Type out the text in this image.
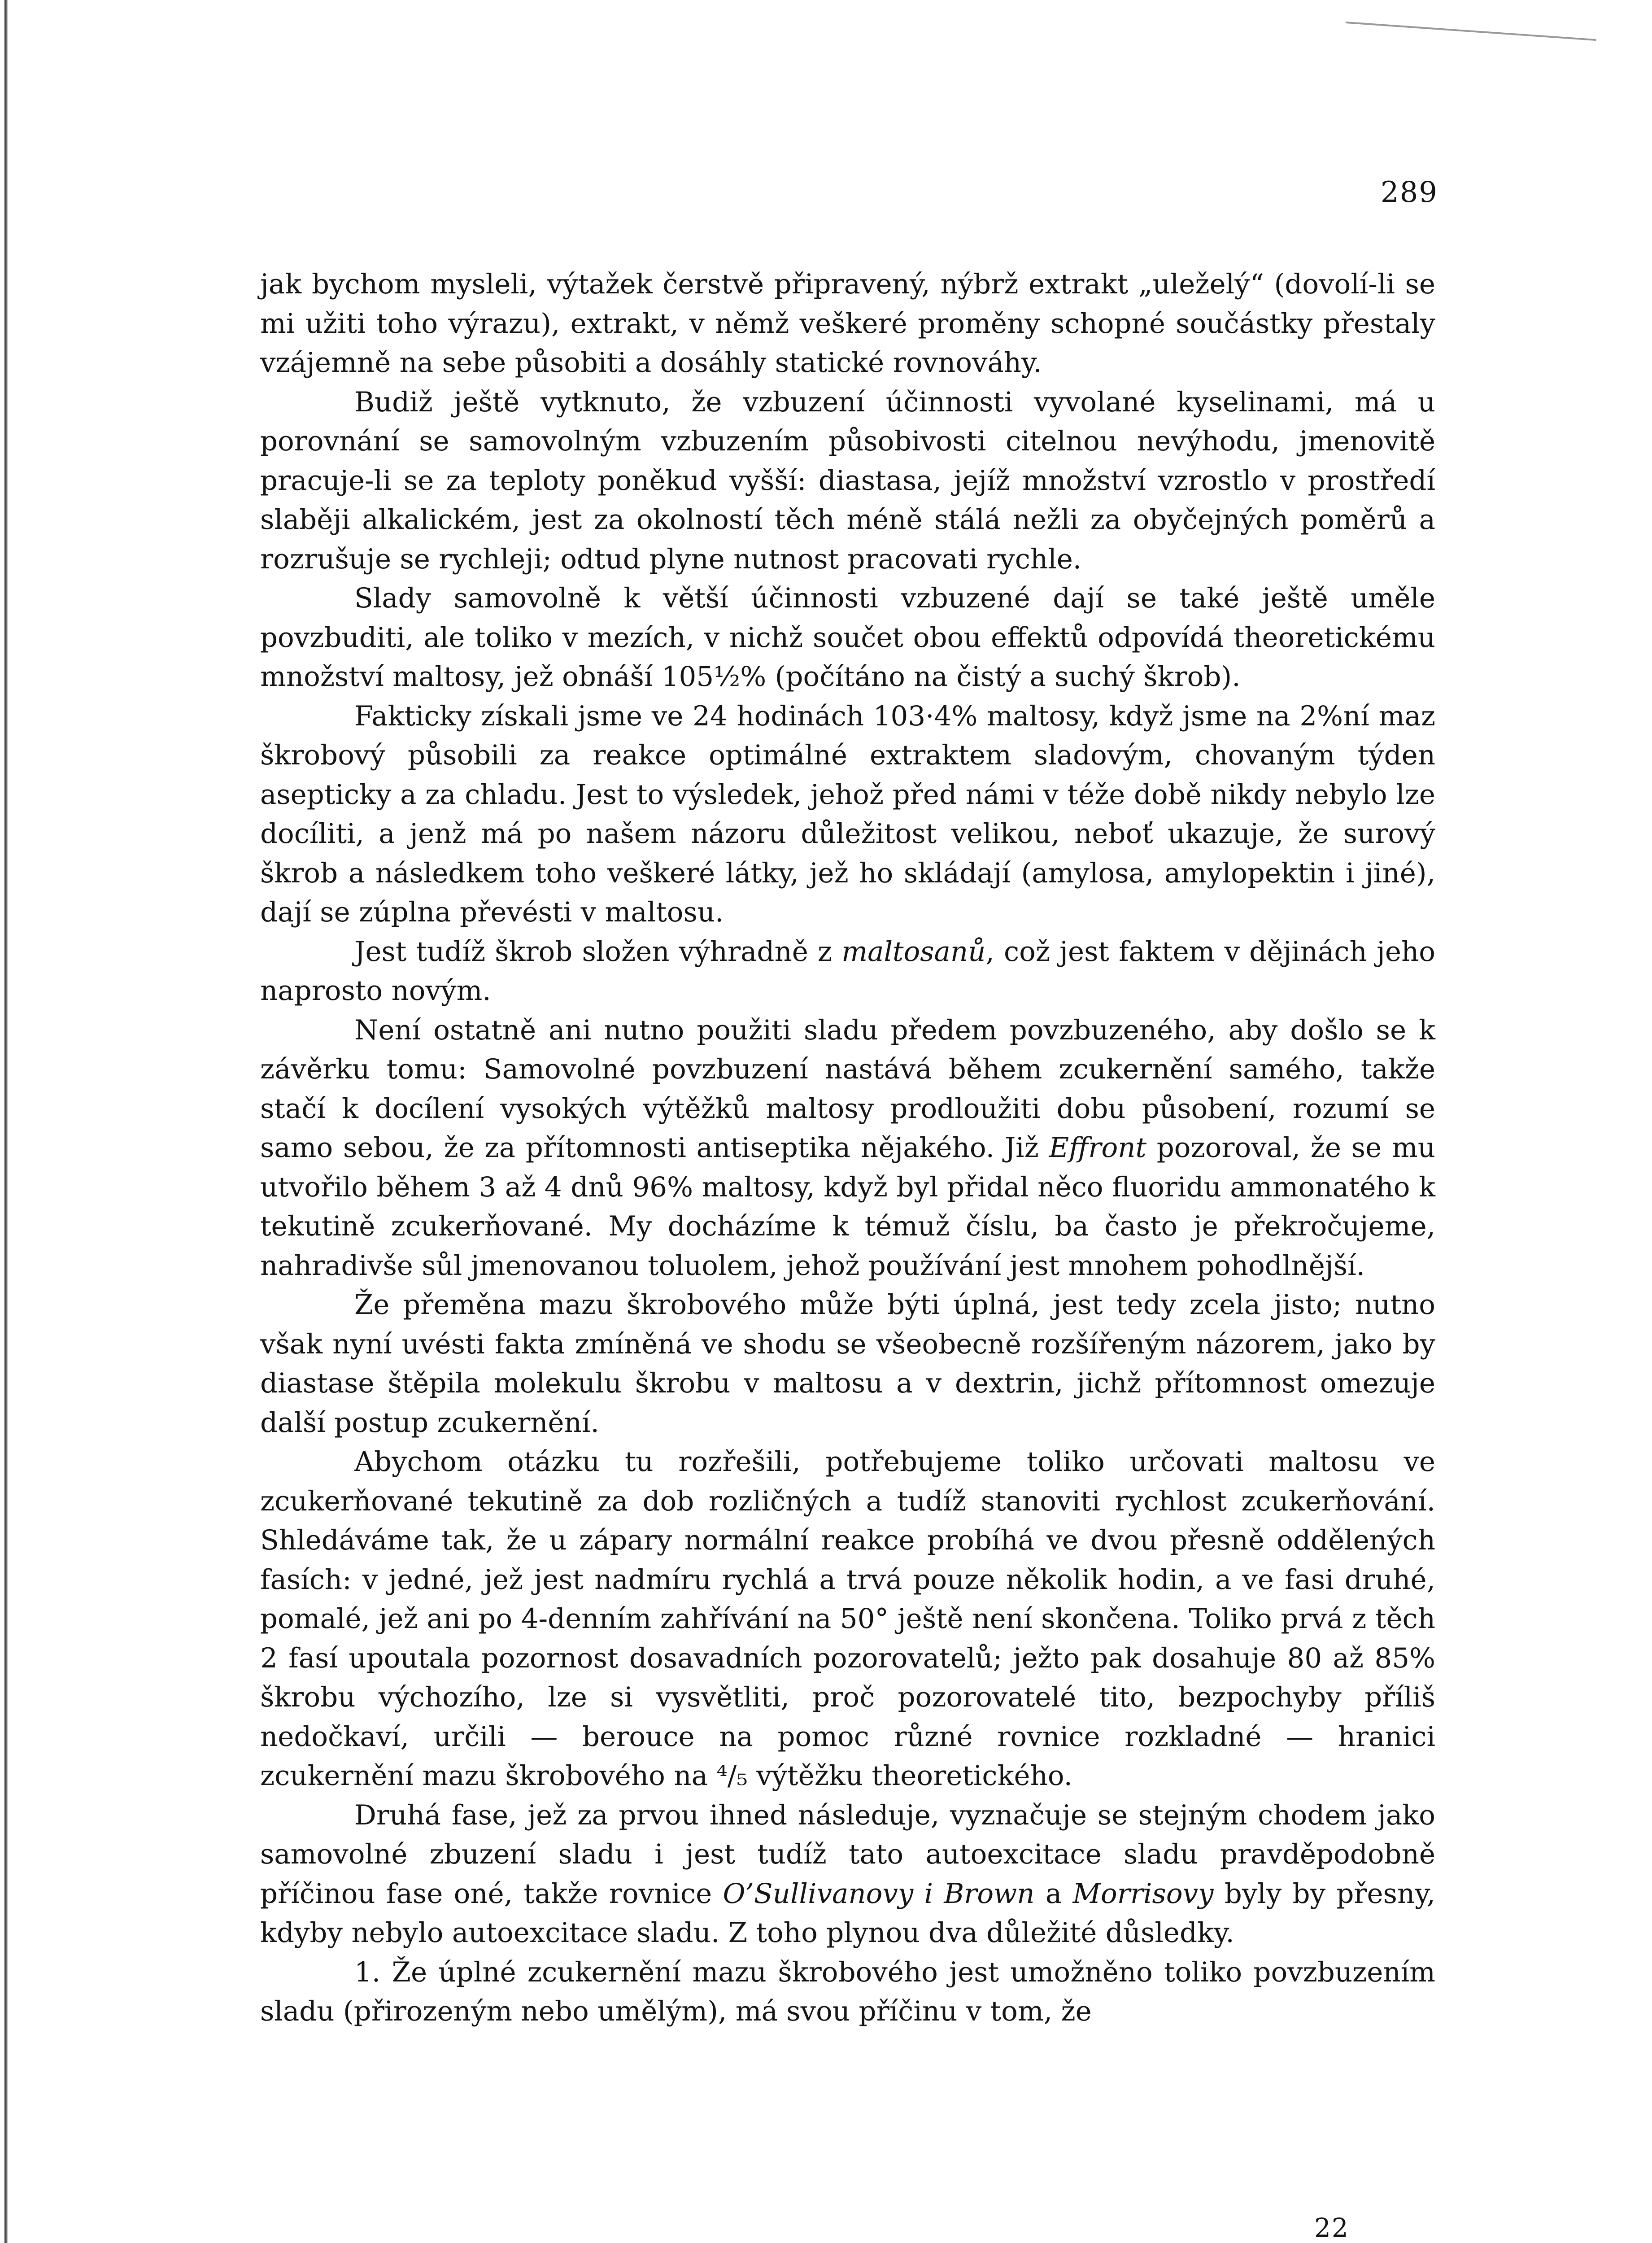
289

jak bychom mysleli, výtažek čerstvě připravený, nýbrž extrakt „uleželý“ (dovolí-li se mi užiti toho výrazu), extrakt, v němž veškeré proměny schopné součástky přestaly vzájemně na sebe působiti a dosáhly statické rovnováhy.

Budiž ještě vytknuto, že vzbuzení účinnosti vyvolané kyselinami, má u porovnání se samovolným vzbuzením působivosti citelnou nevýhodu, jmenovitě pracuje-li se za teploty poněkud vyšší: diastasa, jejíž množství vzrostlo v prostředí slaběji alkalickém, jest za okolností těch méně stálá nežli za obyčejných poměrů a rozrušuje se rychleji; odtud plyne nutnost pracovati rychle.

Slady samovolně k větší účinnosti vzbuzené dají se také ještě uměle povzbuditi, ale toliko v mezích, v nichž součet obou effektů odpovídá theoretickému množství maltosy, jež obnáší 105½% (počítáno na čistý a suchý škrob).

Fakticky získali jsme ve 24 hodinách 103·4% maltosy, když jsme na 2%ní maz škrobový působili za reakce optimálné extraktem sladovým, chovaným týden asepticky a za chladu. Jest to výsledek, jehož před námi v téže době nikdy nebylo lze docíliti, a jenž má po našem názoru důležitost velikou, neboť ukazuje, že surový škrob a následkem toho veškeré látky, jež ho skládají (amylosa, amylopektin i jiné), dají se zúplna převésti v maltosu.

Jest tudíž škrob složen výhradně z maltosanů, což jest faktem v dějinách jeho naprosto novým.

Není ostatně ani nutno použiti sladu předem povzbuzeného, aby došlo se k závěrku tomu: Samovolné povzbuzení nastává během zcukernění samého, takže stačí k docílení vysokých výtěžků maltosy prodloužiti dobu působení, rozumí se samo sebou, že za přítomnosti antiseptika nějakého. Již Effront pozoroval, že se mu utvořilo během 3 až 4 dnů 96% maltosy, když byl přidal něco fluoridu ammonatého k tekutině zcukerňované. My docházíme k témuž číslu, ba často je překročujeme, nahradivše sůl jmenovanou toluolem, jehož používání jest mnohem pohodlnější.

Že přeměna mazu škrobového může býti úplná, jest tedy zcela jisto; nutno však nyní uvésti fakta zmíněná ve shodu se všeobecně rozšířeným názorem, jako by diastase štěpila molekulu škrobu v maltosu a v dextrin, jichž přítomnost omezuje další postup zcukernění.

Abychom otázku tu rozřešili, potřebujeme toliko určovati maltosu ve zcukerňované tekutině za dob rozličných a tudíž stanoviti rychlost zcukerňování. Shledáváme tak, že u zápary normální reakce probíhá ve dvou přesně oddělených fasích: v jedné, jež jest nadmíru rychlá a trvá pouze několik hodin, a ve fasi druhé, pomalé, jež ani po 4-denním zahřívání na 50° ještě není skončena. Toliko prvá z těch 2 fasí upoutala pozornost dosavadních pozorovatelů; ježto pak dosahuje 80 až 85% škrobu výchozího, lze si vysvětliti, proč pozorovatelé tito, bezpochyby příliš nedočkaví, určili — berouce na pomoc různé rovnice rozkladné — hranici zcukernění mazu škrobového na ⁴/₅ výtěžku theoretického.

Druhá fase, jež za prvou ihned následuje, vyznačuje se stejným chodem jako samovolné zbuzení sladu i jest tudíž tato autoexcitace sladu pravděpodobně příčinou fase oné, takže rovnice O’Sullivanovy i Brown a Morrisovy byly by přesny, kdyby nebylo autoexcitace sladu. Z toho plynou dva důležité důsledky.

1. Že úplné zcukernění mazu škrobového jest umožněno toliko povzbuzením sladu (přirozeným nebo umělým), má svou příčinu v tom, že

22
